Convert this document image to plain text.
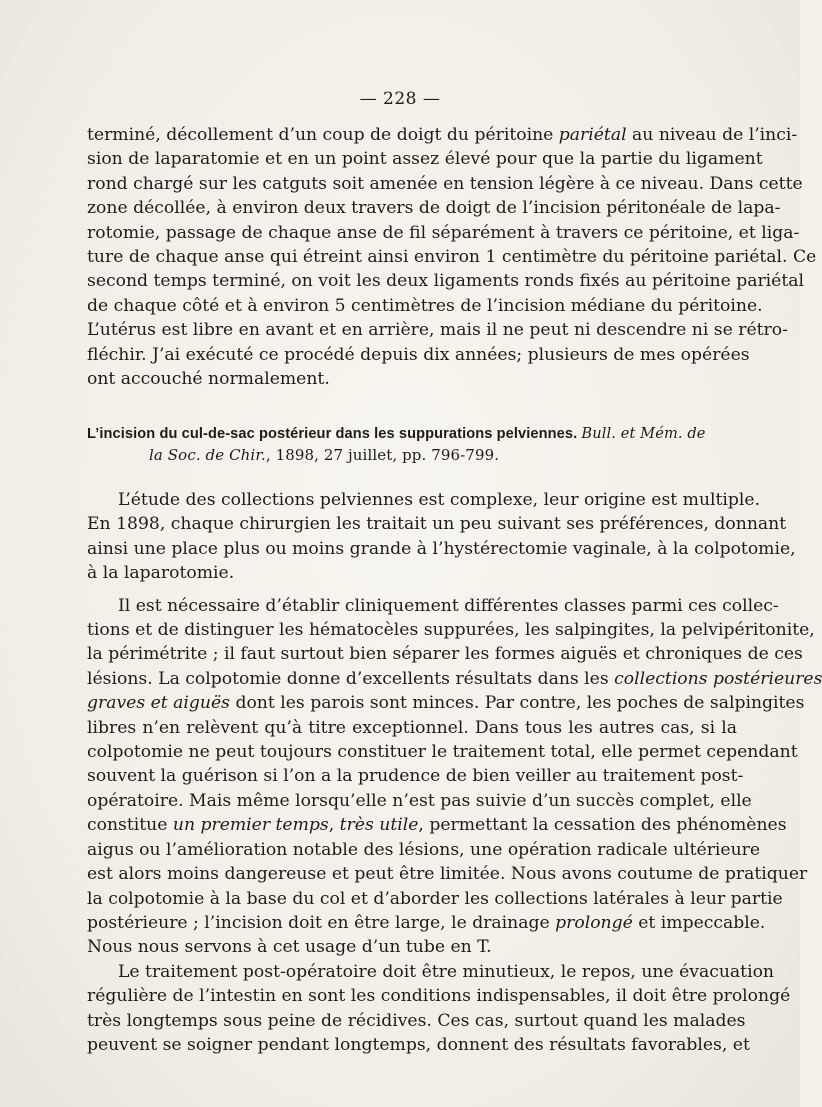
— 228 —
terminé, décollement d’un coup de doigt du péritoine pariétal au niveau de l’inci-
sion de laparatomie et en un point assez élevé pour que la partie du ligament
rond chargé sur les catguts soit amenée en tension légère à ce niveau. Dans cette
zone décollée, à environ deux travers de doigt de l’incision péritonéale de lapa-
rotomie, passage de chaque anse de fil séparément à travers ce péritoine, et liga-
ture de chaque anse qui étreint ainsi environ 1 centimètre du péritoine pariétal. Ce
second temps terminé, on voit les deux ligaments ronds fixés au péritoine pariétal
de chaque côté et à environ 5 centimètres de l’incision médiane du péritoine.
L’utérus est libre en avant et en arrière, mais il ne peut ni descendre ni se rétro-
fléchir. J’ai exécuté ce procédé depuis dix années; plusieurs de mes opérées
ont accouché normalement.
L’incision du cul-de-sac postérieur dans les suppurations pelviennes. Bull. et Mém. de
la Soc. de Chir., 1898, 27 juillet, pp. 796-799.
L’étude des collections pelviennes est complexe, leur origine est multiple.
En 1898, chaque chirurgien les traitait un peu suivant ses préférences, donnant
ainsi une place plus ou moins grande à l’hystérectomie vaginale, à la colpotomie,
à la laparotomie.
Il est nécessaire d’établir cliniquement différentes classes parmi ces collec-
tions et de distinguer les hématocèles suppurées, les salpingites, la pelvipéritonite,
la périmétrite ; il faut surtout bien séparer les formes aiguës et chroniques de ces
lésions. La colpotomie donne d’excellents résultats dans les collections postérieures
graves et aiguës dont les parois sont minces. Par contre, les poches de salpingites
libres n’en relèvent qu’à titre exceptionnel. Dans tous les autres cas, si la
colpotomie ne peut toujours constituer le traitement total, elle permet cependant
souvent la guérison si l’on a la prudence de bien veiller au traitement post-
opératoire. Mais même lorsqu’elle n’est pas suivie d’un succès complet, elle
constitue un premier temps, très utile, permettant la cessation des phénomènes
aigus ou l’amélioration notable des lésions, une opération radicale ultérieure
est alors moins dangereuse et peut être limitée. Nous avons coutume de pratiquer
la colpotomie à la base du col et d’aborder les collections latérales à leur partie
postérieure ; l’incision doit en être large, le drainage prolongé et impeccable.
Nous nous servons à cet usage d’un tube en T.
Le traitement post-opératoire doit être minutieux, le repos, une évacuation
régulière de l’intestin en sont les conditions indispensables, il doit être prolongé
très longtemps sous peine de récidives. Ces cas, surtout quand les malades
peuvent se soigner pendant longtemps, donnent des résultats favorables, et
